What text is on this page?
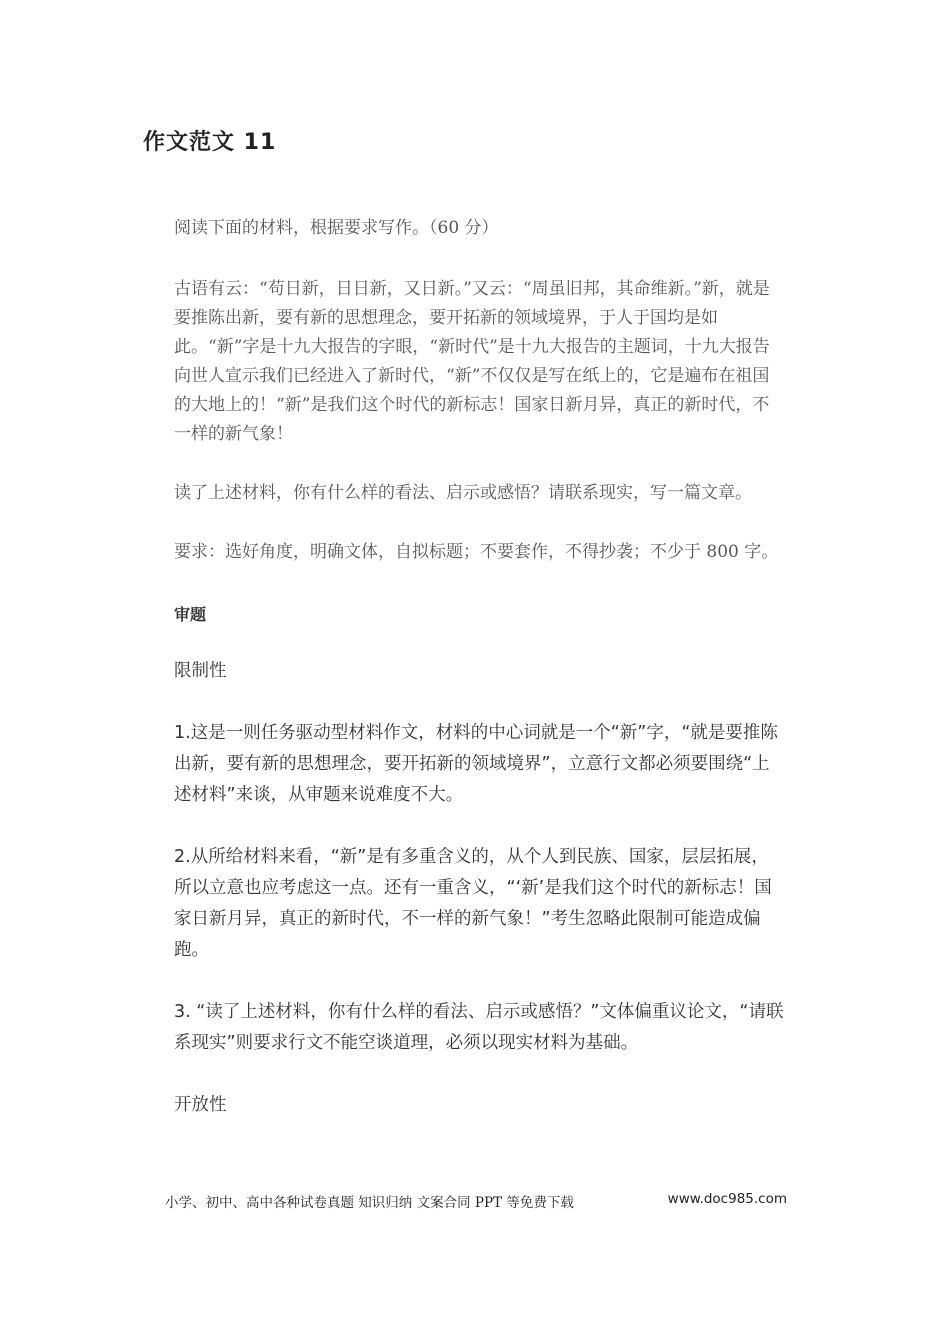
作文范文 11

阅读下面的材料，根据要求写作。（60 分）

古语有云：“苟日新，日日新，又日新。”又云：“周虽旧邦，其命维新。”新，就是要推陈出新，要有新的思想理念，要开拓新的领域境界，于人于国均是如此。“新”字是十九大报告的字眼，“新时代”是十九大报告的主题词，十九大报告向世人宣示我们已经进入了新时代，“新”不仅仅是写在纸上的，它是遍布在祖国的大地上的！“新”是我们这个时代的新标志！国家日新月异，真正的新时代，不一样的新气象！

读了上述材料，你有什么样的看法、启示或感悟？请联系现实，写一篇文章。

要求：选好角度，明确文体，自拟标题；不要套作，不得抄袭；不少于 800 字。

审题

限制性

1.这是一则任务驱动型材料作文，材料的中心词就是一个“新”字，“就是要推陈出新，要有新的思想理念，要开拓新的领域境界”，立意行文都必须要围绕“上述材料”来谈，从审题来说难度不大。

2.从所给材料来看，“新”是有多重含义的，从个人到民族、国家，层层拓展，所以立意也应考虑这一点。还有一重含义，“‘新’是我们这个时代的新标志！国家日新月异，真正的新时代，不一样的新气象！”考生忽略此限制可能造成偏跑。

3. “读了上述材料，你有什么样的看法、启示或感悟？”文体偏重议论文，“请联系现实”则要求行文不能空谈道理，必须以现实材料为基础。

开放性

小学、初中、高中各种试卷真题 知识归纳 文案合同 PPT 等免费下载	www.doc985.com
